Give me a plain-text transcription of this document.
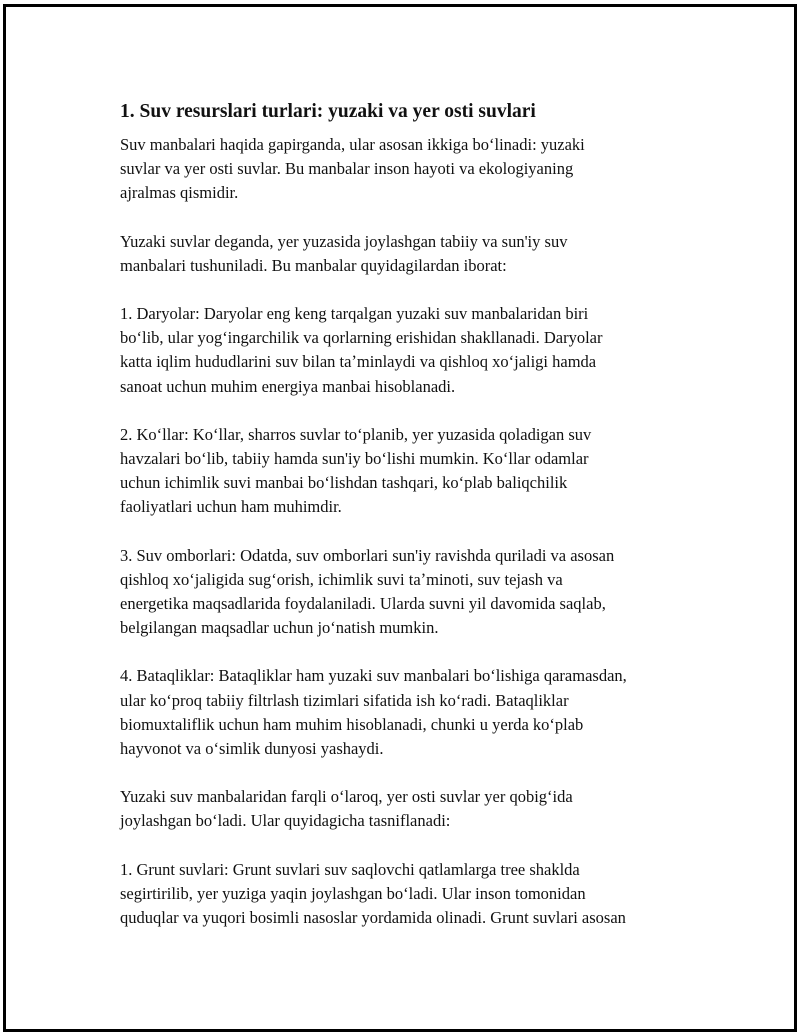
1. Suv resurslari turlari: yuzaki va yer osti suvlari

Suv manbalari haqida gapirganda, ular asosan ikkiga boʻlinadi: yuzaki
suvlar va yer osti suvlar. Bu manbalar inson hayoti va ekologiyaning
ajralmas qismidir.

Yuzaki suvlar deganda, yer yuzasida joylashgan tabiiy va sun'iy suv
manbalari tushuniladi. Bu manbalar quyidagilardan iborat:

1. Daryolar: Daryolar eng keng tarqalgan yuzaki suv manbalaridan biri
boʻlib, ular yogʻingarchilik va qorlarning erishidan shakllanadi. Daryolar
katta iqlim hududlarini suv bilan taʼminlaydi va qishloq xoʻjaligi hamda
sanoat uchun muhim energiya manbai hisoblanadi.

2. Koʻllar: Koʻllar, sharros suvlar toʻplanib, yer yuzasida qoladigan suv
havzalari boʻlib, tabiiy hamda sun'iy boʻlishi mumkin. Koʻllar odamlar
uchun ichimlik suvi manbai boʻlishdan tashqari, koʻplab baliqchilik
faoliyatlari uchun ham muhimdir.

3. Suv omborlari: Odatda, suv omborlari sun'iy ravishda quriladi va asosan
qishloq xoʻjaligida sugʻorish, ichimlik suvi taʼminoti, suv tejash va
energetika maqsadlarida foydalaniladi. Ularda suvni yil davomida saqlab,
belgilangan maqsadlar uchun joʻnatish mumkin.

4. Bataqliklar: Bataqliklar ham yuzaki suv manbalari boʻlishiga qaramasdan,
ular koʻproq tabiiy filtrlash tizimlari sifatida ish koʻradi. Bataqliklar
biomuxtaliflik uchun ham muhim hisoblanadi, chunki u yerda koʻplab
hayvonot va oʻsimlik dunyosi yashaydi.

Yuzaki suv manbalaridan farqli oʻlaroq, yer osti suvlar yer qobigʻida
joylashgan boʻladi. Ular quyidagicha tasniflanadi:

1. Grunt suvlari: Grunt suvlari suv saqlovchi qatlamlarga tree shaklda
segirtirilib, yer yuziga yaqin joylashgan boʻladi. Ular inson tomonidan
quduqlar va yuqori bosimli nasoslar yordamida olinadi. Grunt suvlari asosan
